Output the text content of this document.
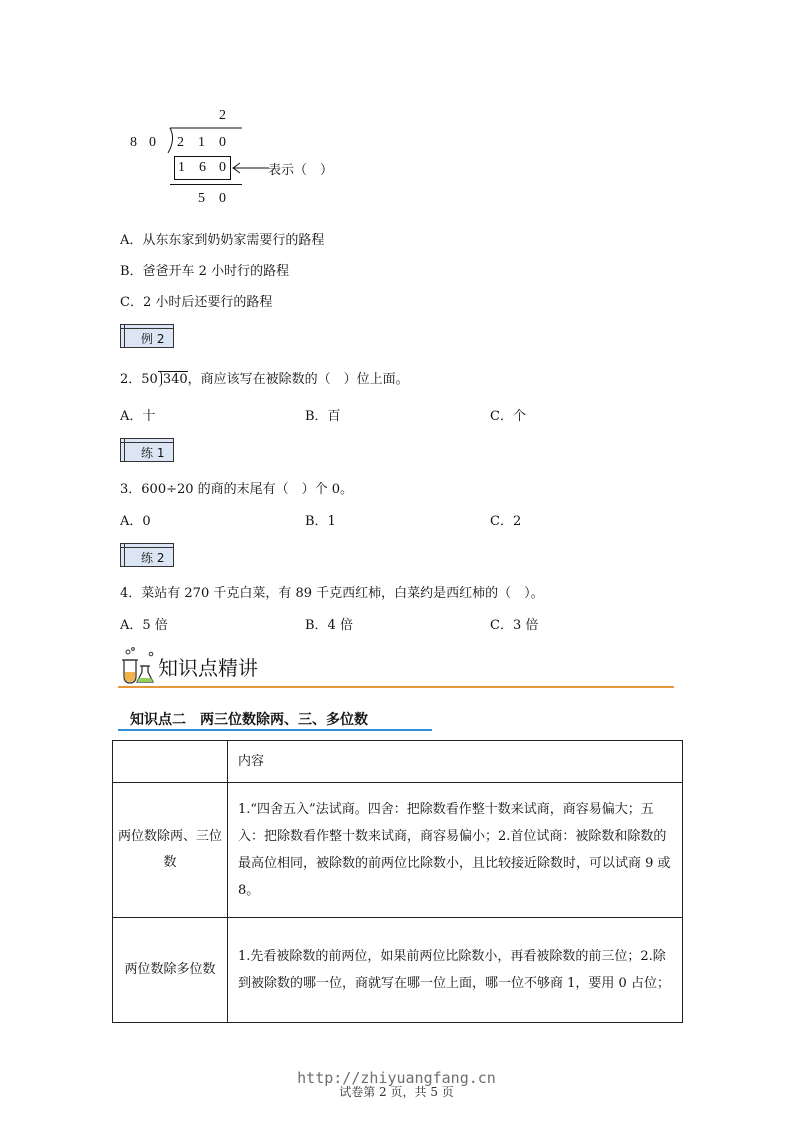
2
8 0 2 1 0
1 6 0	表示（　）
5 0
A．从东东家到奶奶家需要行的路程
B．爸爸开车 2 小时行的路程
C．2 小时后还要行的路程
例 2
2．50 340，商应该写在被除数的（　）位上面。
A．十	B．百	C．个
练 1
3．600÷20 的商的末尾有（　）个 0。
A．0	B．1	C．2
练 2
4．菜站有 270 千克白菜，有 89 千克西红柿，白菜约是西红柿的（　）。
A．5 倍	B．4 倍	C．3 倍
知识点精讲
知识点二　两三位数除两、三、多位数
	内容
两位数除两、三位数	1.“四舍五入”法试商。四舍：把除数看作整十数来试商，商容易偏大；五入：把除数看作整十数来试商，商容易偏小；2.首位试商：被除数和除数的最高位相同，被除数的前两位比除数小，且比较接近除数时，可以试商 9 或 8。
两位数除多位数	1.先看被除数的前两位，如果前两位比除数小，再看被除数的前三位；2.除到被除数的哪一位，商就写在哪一位上面，哪一位不够商 1，要用 0 占位；
试卷第 2 页，共 5 页
http://zhiyuangfang.cn
